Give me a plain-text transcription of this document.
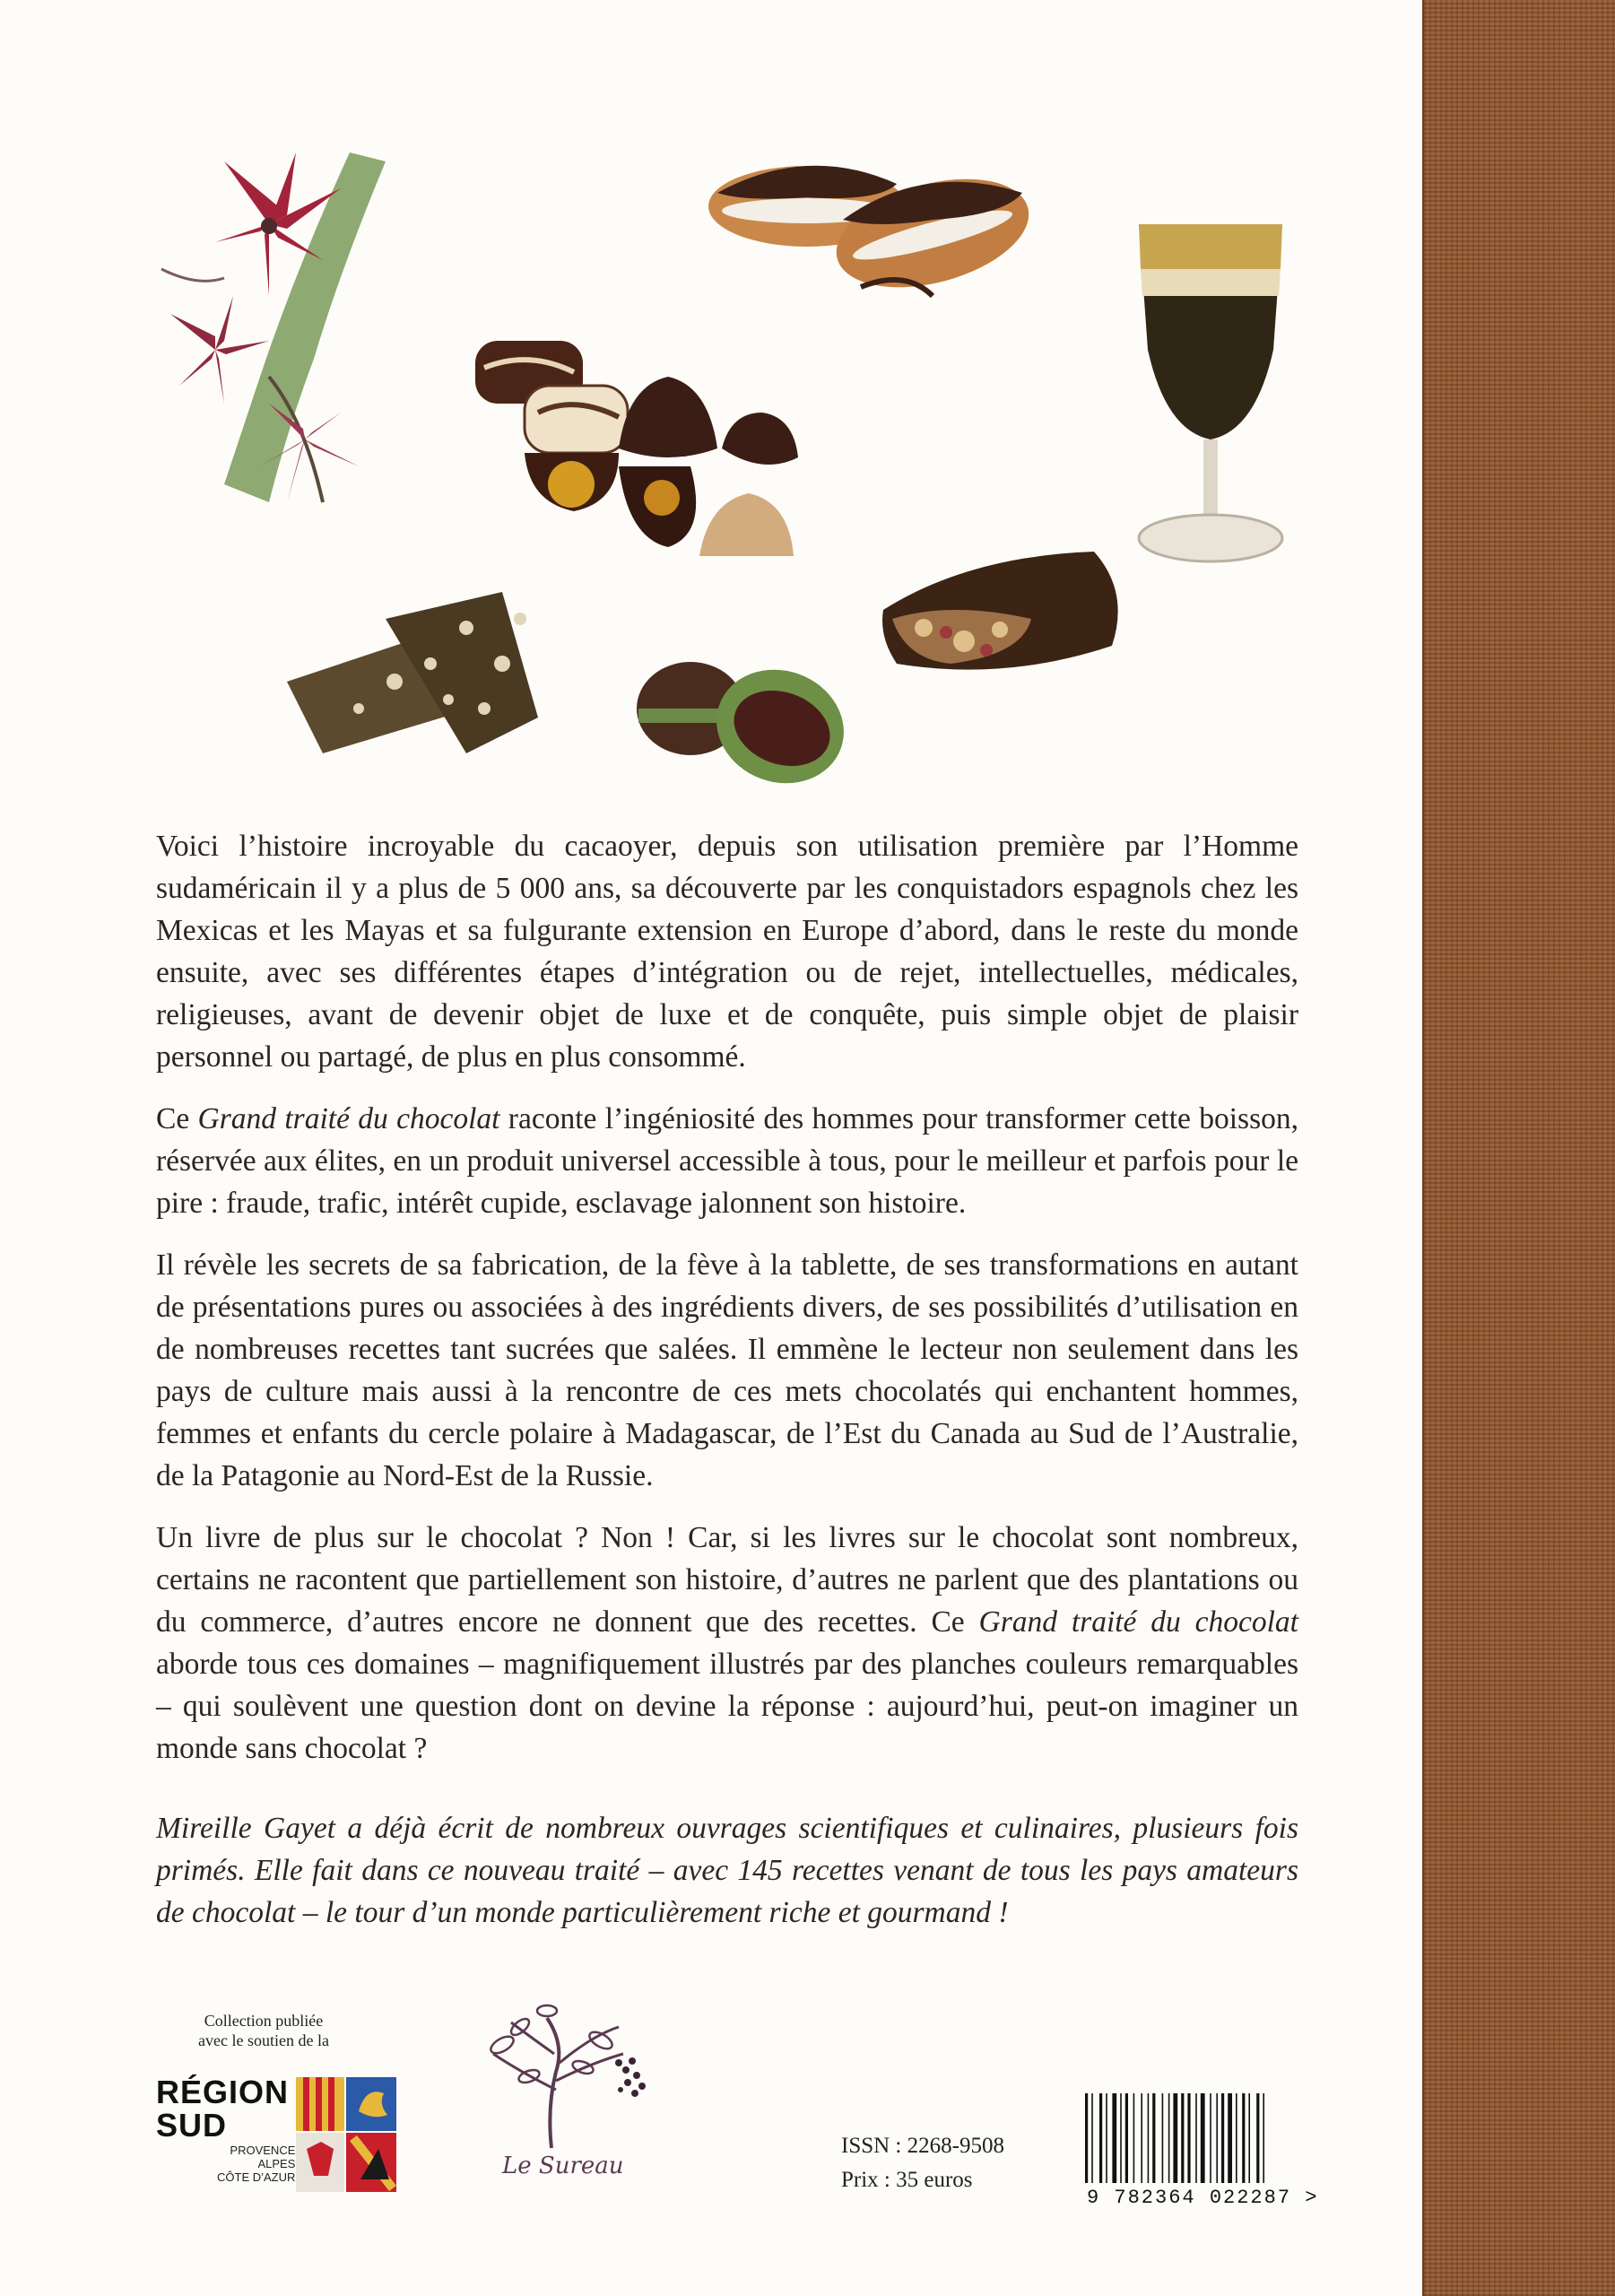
Voici l’histoire incroyable du cacaoyer, depuis son utilisation première par l’Homme sudaméricain il y a plus de 5 000 ans, sa découverte par les conquistadors espagnols chez les Mexicas et les Mayas et sa fulgurante extension en Europe d’abord, dans le reste du monde ensuite, avec ses différentes étapes d’intégration ou de rejet, intellectuelles, médicales, religieuses, avant de devenir objet de luxe et de conquête, puis simple objet de plaisir personnel ou partagé, de plus en plus consommé.

Ce Grand traité du chocolat raconte l’ingéniosité des hommes pour transformer cette boisson, réservée aux élites, en un produit universel accessible à tous, pour le meilleur et parfois pour le pire : fraude, trafic, intérêt cupide, esclavage jalonnent son histoire.

Il révèle les secrets de sa fabrication, de la fève à la tablette, de ses transformations en autant de présentations pures ou associées à des ingrédients divers, de ses possibilités d’utilisation en de nombreuses recettes tant sucrées que salées. Il emmène le lecteur non seulement dans les pays de culture mais aussi à la rencontre de ces mets chocolatés qui enchantent hommes, femmes et enfants du cercle polaire à Madagascar, de l’Est du Canada au Sud de l’Australie, de la Patagonie au Nord-Est de la Russie.

Un livre de plus sur le chocolat ? Non ! Car, si les livres sur le chocolat sont nombreux, certains ne racontent que partiellement son histoire, d’autres ne parlent que des plantations ou du commerce, d’autres encore ne donnent que des recettes. Ce Grand traité du chocolat aborde tous ces domaines – magnifiquement illustrés par des planches couleurs remarquables – qui soulèvent une question dont on devine la réponse : aujourd’hui, peut-on imaginer un monde sans chocolat ?

Mireille Gayet a déjà écrit de nombreux ouvrages scientifiques et culinaires, plusieurs fois primés. Elle fait dans ce nouveau traité – avec 145 recettes venant de tous les pays amateurs de chocolat – le tour d’un monde particulièrement riche et gourmand !

Collection publiée
avec le soutien de la
RÉGION
SUD
PROVENCE
ALPES
CÔTE D’AZUR	Le Sureau
ISSN : 2268-9508
Prix : 35 euros
9 782364 022287 >
